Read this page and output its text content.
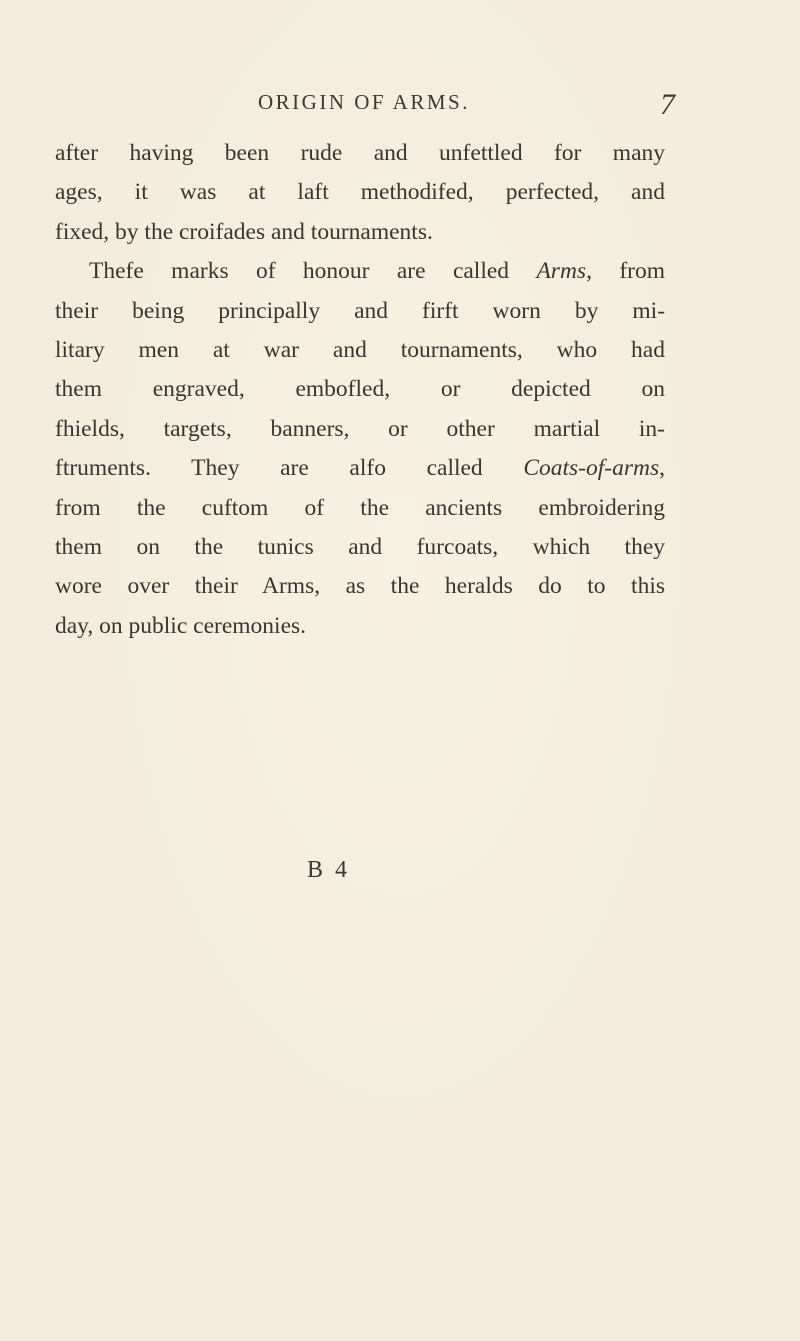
ORIGIN OF ARMS.	7
after having been rude and unfettled for many
ages, it was at laft methodifed, perfected, and
fixed, by the croifades and tournaments.
Thefe marks of honour are called Arms, from
their being principally and firft worn by mi-
litary men at war and tournaments, who had
them engraved, embofled, or depicted on
fhields, targets, banners, or other martial in-
ftruments. They are alfo called Coats-of-arms,
from the cuftom of the ancients embroidering
them on the tunics and furcoats, which they
wore over their Arms, as the heralds do to this
day, on public ceremonies.
B 4
